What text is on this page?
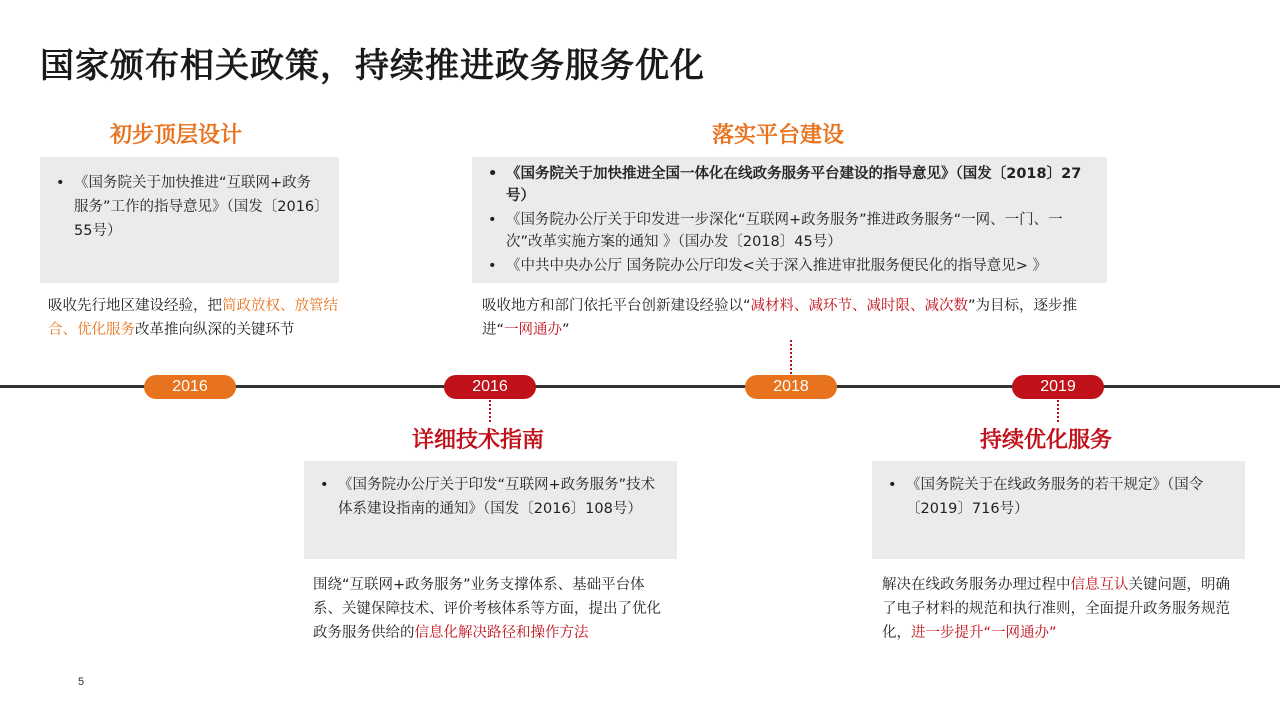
国家颁布相关政策，持续推进政务服务优化
初步顶层设计
• 《国务院关于加快推进“互联网+政务服务”工作的指导意见》（国发〔2016〕55号）
吸收先行地区建设经验，把简政放权、放管结合、优化服务改革推向纵深的关键环节
落实平台建设
• 《国务院关于加快推进全国一体化在线政务服务平台建设的指导意见》（国发〔2018〕27号）
• 《国务院办公厅关于印发进一步深化“互联网+政务服务”推进政务服务“一网、一门、一次”改革实施方案的通知 》（国办发〔2018〕45号）
• 《中共中央办公厅 国务院办公厅印发<关于深入推进审批服务便民化的指导意见> 》
吸收地方和部门依托平台创新建设经验以“减材料、减环节、减时限、减次数”为目标，逐步推进“一网通办”
2016	2016	2018	2019
详细技术指南
• 《国务院办公厅关于印发“互联网+政务服务”技术体系建设指南的通知》（国发〔2016〕108号）
围绕“互联网+政务服务”业务支撑体系、基础平台体系、关键保障技术、评价考核体系等方面，提出了优化政务服务供给的信息化解决路径和操作方法
持续优化服务
• 《国务院关于在线政务服务的若干规定》（国令〔2019〕716号）
解决在线政务服务办理过程中信息互认关键问题，明确了电子材料的规范和执行准则，全面提升政务服务规范化，进一步提升“一网通办”
5
